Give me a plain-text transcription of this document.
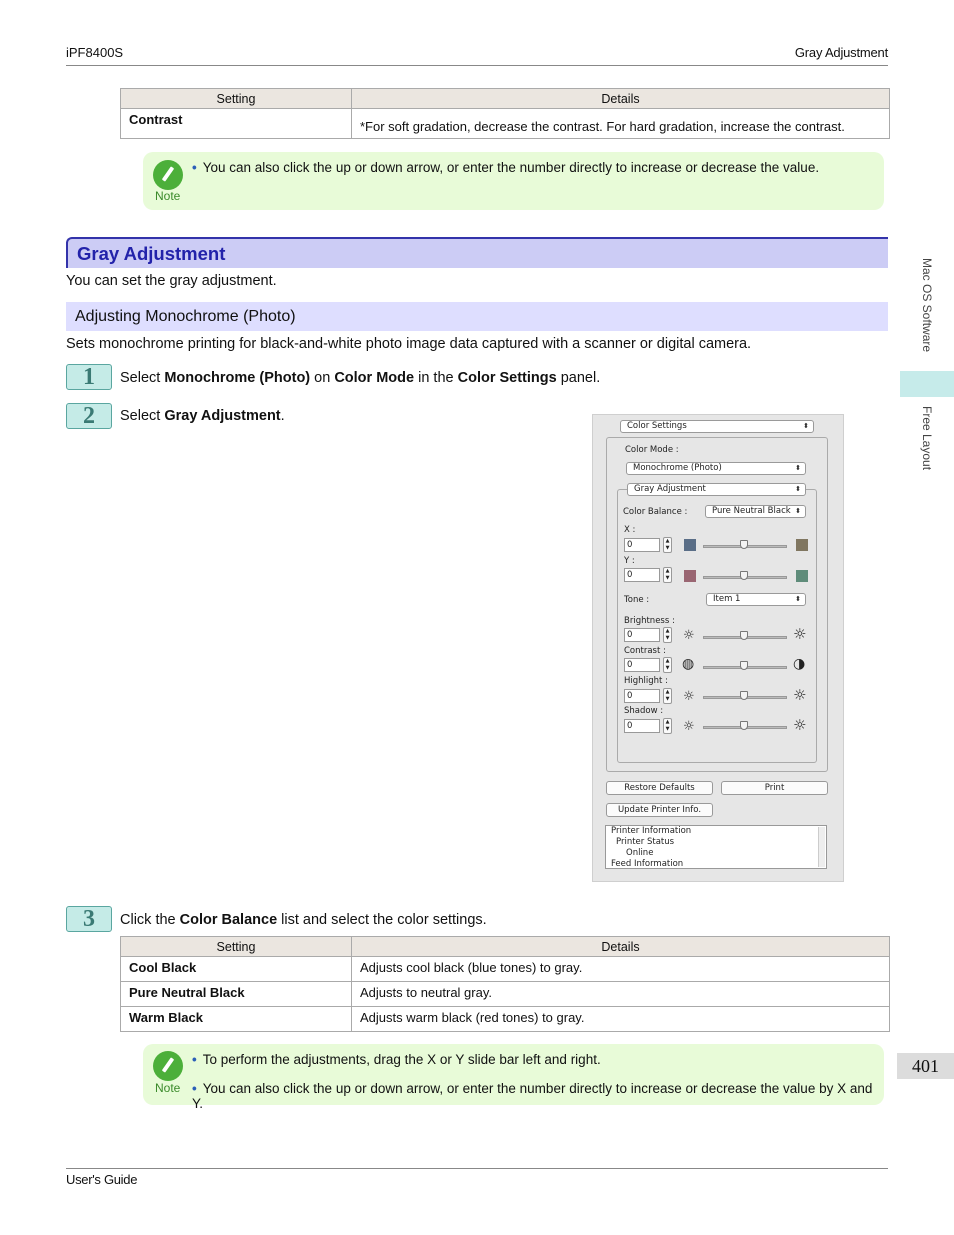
iPF8400S	Gray Adjustment
Setting	Details
Contrast	*For soft gradation, decrease the contrast. For hard gradation, increase the contrast.
Note
• You can also click the up or down arrow, or enter the number directly to increase or decrease the value.
Gray Adjustment
You can set the gray adjustment.
Adjusting Monochrome (Photo)
Sets monochrome printing for black-and-white photo image data captured with a scanner or digital camera.
1	Select Monochrome (Photo) on Color Mode in the Color Settings panel.
2	Select Gray Adjustment.
Color Settings	⬍
Color Mode :
Monochrome (Photo)	⬍
Gray Adjustment	⬍
Color Balance :	Pure Neutral Black ⬍
X :
0	▲
▼
Y :
0	▲
▼
Tone :	Item 1	⬍
Brightness :
0	▲
▼ ☼	☼
Contrast :
0	▲
▼ ◍	◑
Highlight :
0	▲
▼ ☼	☼
Shadow :
0	▲
▼ ☼	☼
Restore Defaults	Print
Update Printer Info.
Printer Information
Printer Status
Online
Feed Information
3	Click the Color Balance list and select the color settings.
Setting	Details
Cool Black	Adjusts cool black (blue tones) to gray.
Pure Neutral Black	Adjusts to neutral gray.
Warm Black	Adjusts warm black (red tones) to gray.
Note
• To perform the adjustments, drag the X or Y slide bar left and right.
• You can also click the up or down arrow, or enter the number directly to increase or decrease the value by X and Y.
Mac OS Software
Free Layout
401
User's Guide
